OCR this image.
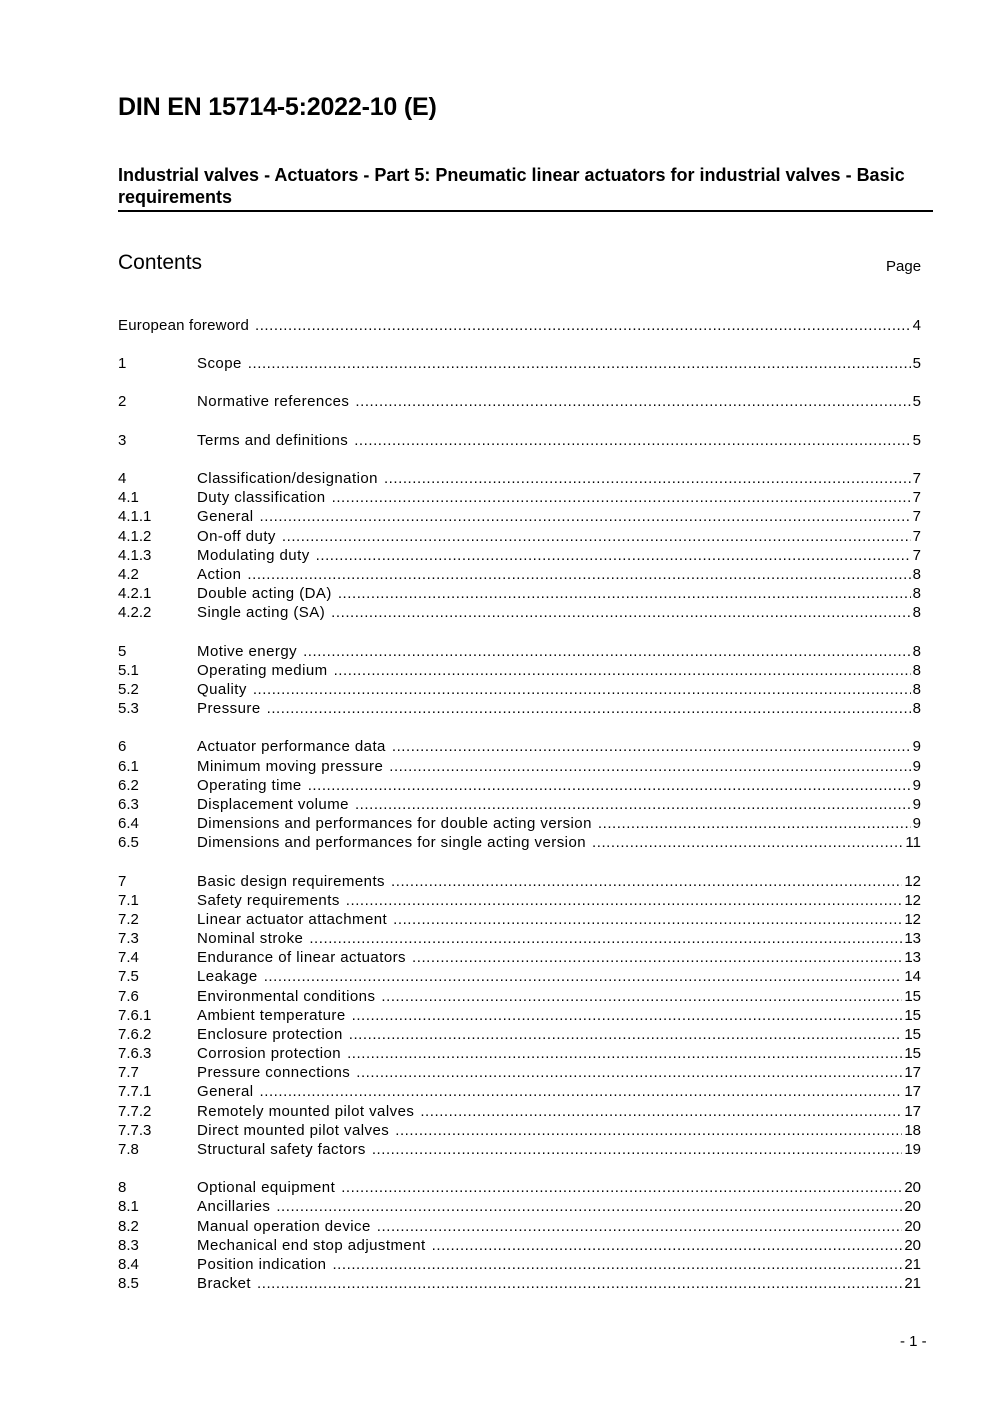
DIN EN 15714-5:2022-10 (E)
Industrial valves - Actuators - Part 5: Pneumatic linear actuators for industrial valves - Basic requirements
Contents	Page
European foreword .....	4
1	Scope .....	5
2	Normative references .....	5
3	Terms and definitions .....	5
4	Classification/designation .....	7
4.1	Duty classification .....	7
4.1.1	General .....	7
4.1.2	On-off duty .....	7
4.1.3	Modulating duty .....	7
4.2	Action .....	8
4.2.1	Double acting (DA) .....	8
4.2.2	Single acting (SA) .....	8
5	Motive energy .....	8
5.1	Operating medium .....	8
5.2	Quality .....	8
5.3	Pressure .....	8
6	Actuator performance data .....	9
6.1	Minimum moving pressure .....	9
6.2	Operating time .....	9
6.3	Displacement volume .....	9
6.4	Dimensions and performances for double acting version .....	9
6.5	Dimensions and performances for single acting version .....	11
7	Basic design requirements .....	12
7.1	Safety requirements .....	12
7.2	Linear actuator attachment .....	12
7.3	Nominal stroke .....	13
7.4	Endurance of linear actuators .....	13
7.5	Leakage .....	14
7.6	Environmental conditions .....	15
7.6.1	Ambient temperature .....	15
7.6.2	Enclosure protection .....	15
7.6.3	Corrosion protection .....	15
7.7	Pressure connections .....	17
7.7.1	General .....	17
7.7.2	Remotely mounted pilot valves .....	17
7.7.3	Direct mounted pilot valves .....	18
7.8	Structural safety factors .....	19
8	Optional equipment .....	20
8.1	Ancillaries .....	20
8.2	Manual operation device .....	20
8.3	Mechanical end stop adjustment .....	20
8.4	Position indication .....	21
8.5	Bracket .....	21
- 1 -
